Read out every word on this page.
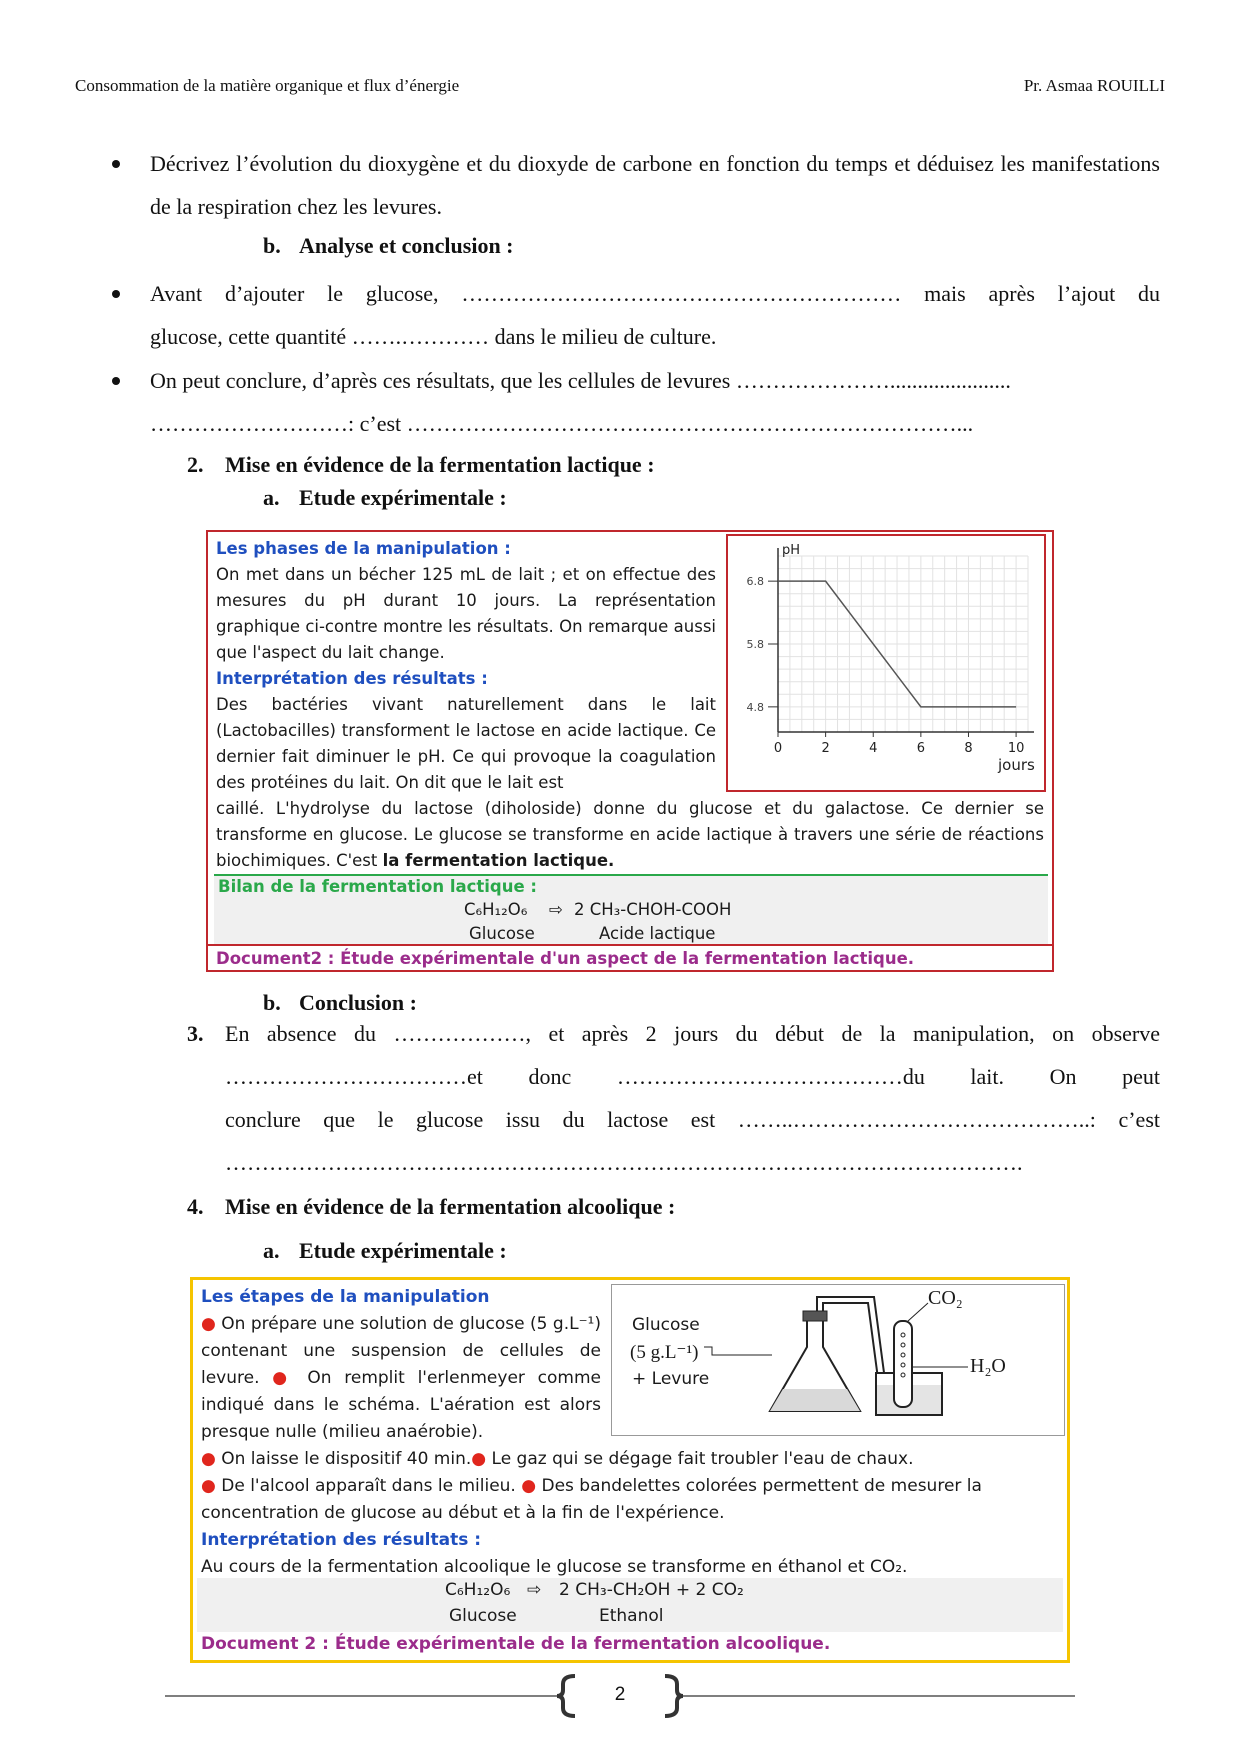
Consommation de la matière organique et flux d’énergie	Pr. Asmaa ROUILLI
Décrivez l’évolution du dioxygène et du dioxyde de carbone en fonction du temps et déduisez les manifestations de la respiration chez les levures.
b. Analyse et conclusion :
Avant d’ajouter le glucose, …………………………………………………… mais après l’ajout du
glucose, cette quantité …….………… dans le milieu de culture.
On peut conclure, d’après ces résultats, que les cellules de levures …………………......................
………………………: c’est …………………………………………………………………...
2. Mise en évidence de la fermentation lactique :
a. Etude expérimentale :
Les phases de la manipulation :
On met dans un bécher 125 mL de lait ; et on effectue des mesures du pH durant 10 jours. La représentation graphique ci-contre montre les résultats. On remarque aussi que l'aspect du lait change.
Interprétation des résultats :
Des bactéries vivant naturellement dans le lait (Lactobacilles) transforment le lactose en acide lactique. Ce dernier fait diminuer le pH. Ce qui provoque la coagulation des protéines du lait. On dit que le lait est
4.8
5.8
6.8
0	2	4	6	8	10
pH
jours
caillé. L'hydrolyse du lactose (diholoside) donne du glucose et du galactose. Ce dernier se transforme en glucose. Le glucose se transforme en acide lactique à travers une série de réactions biochimiques. C'est la fermentation lactique.
Bilan de la fermentation lactique :
C₆H₁₂O₆ ⇨ 2 CH₃-CHOH-COOH
Glucose	Acide lactique
Document2 : Étude expérimentale d'un aspect de la fermentation lactique.
b. Conclusion :
3. En absence du ………………, et après 2 jours du début de la manipulation, on observe
……………………………et donc …………………………………du lait. On peut
conclure que le glucose issu du lactose est ……..…………………………………..: c’est
……………………………………………………………………………………………….
4. Mise en évidence de la fermentation alcoolique :
a. Etude expérimentale :
Les étapes de la manipulation
● On prépare une solution de glucose (5 g.L⁻¹) contenant une suspension de cellules de levure. ● On remplit l'erlenmeyer comme indiqué dans le schéma. L'aération est alors presque nulle (milieu anaérobie).
Glucose
(5 g.L⁻¹)
+ Levure
CO₂
H₂O
● On laisse le dispositif 40 min.● Le gaz qui se dégage fait troubler l'eau de chaux.
● De l'alcool apparaît dans le milieu. ● Des bandelettes colorées permettent de mesurer la concentration de glucose au début et à la fin de l'expérience.
Interprétation des résultats :
Au cours de la fermentation alcoolique le glucose se transforme en éthanol et CO₂.
C₆H₁₂O₆ ⇨ 2 CH₃-CH₂OH + 2 CO₂
Glucose	Ethanol
Document 2 : Étude expérimentale de la fermentation alcoolique.
2
